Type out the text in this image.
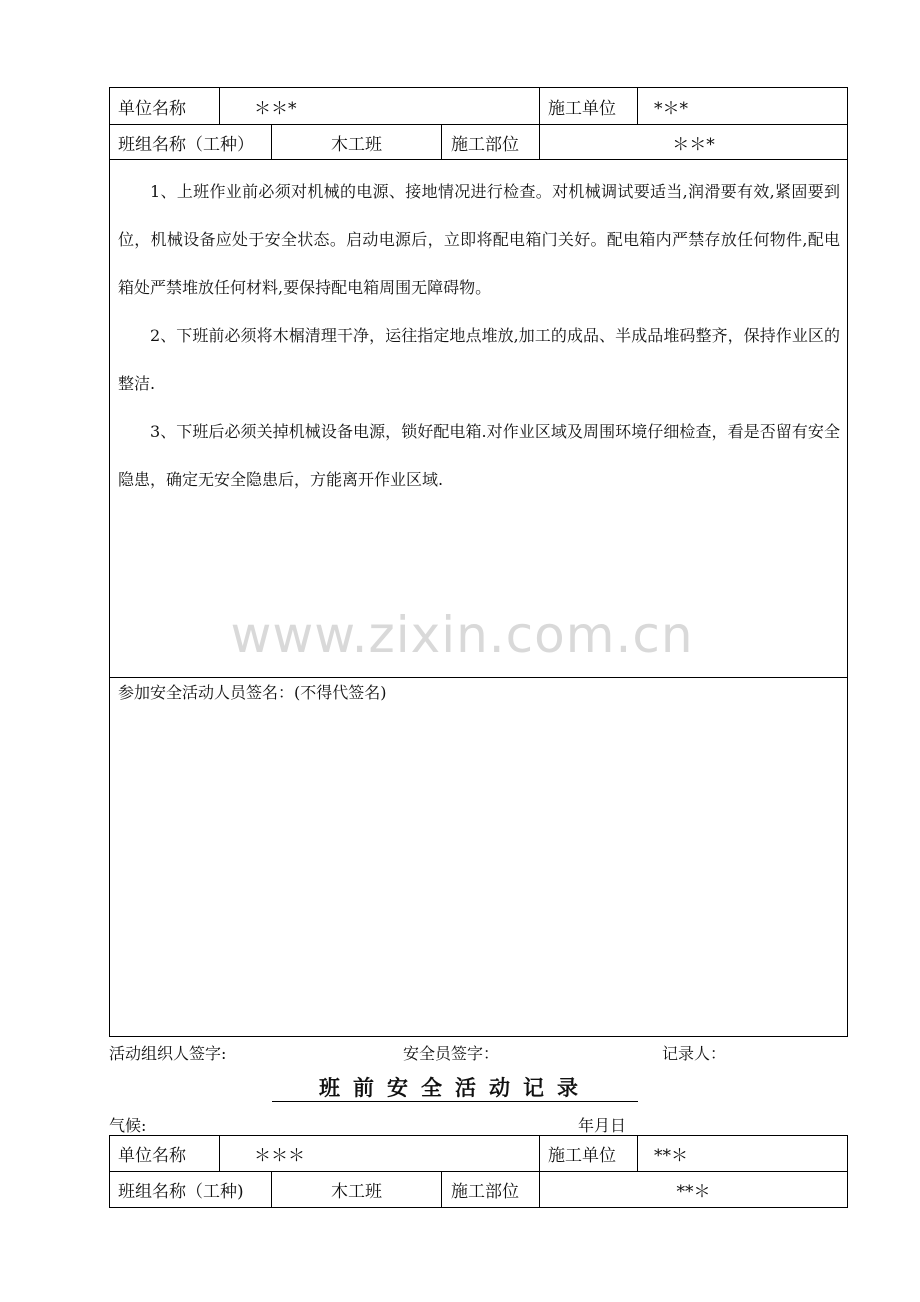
单位名称	＊＊*	施工单位 *＊*
班组名称（工种）	木工班	施工部位	＊＊*

1、上班作业前必须对机械的电源、接地情况进行检查。对机械调试要适当,润滑要有效,紧固要到位，机械设备应处于安全状态。启动电源后，立即将配电箱门关好。配电箱内严禁存放任何物件,配电箱处严禁堆放任何材料,要保持配电箱周围无障碍物。

2、下班前必须将木榍清理干净，运往指定地点堆放,加工的成品、半成品堆码整齐，保持作业区的整洁.

3、下班后必须关掉机械设备电源，锁好配电箱.对作业区域及周围环境仔细检查，看是否留有安全隐患，确定无安全隐患后，方能离开作业区域.

www.zixin.com.cn
参加安全活动人员签名：(不得代签名)
活动组织人签字:	安全员签字：	记录人：
班前安全活动记录
气候:	年月日
单位名称	＊＊＊	施工单位 **＊
班组名称（工种)	木工班	施工部位	**＊
